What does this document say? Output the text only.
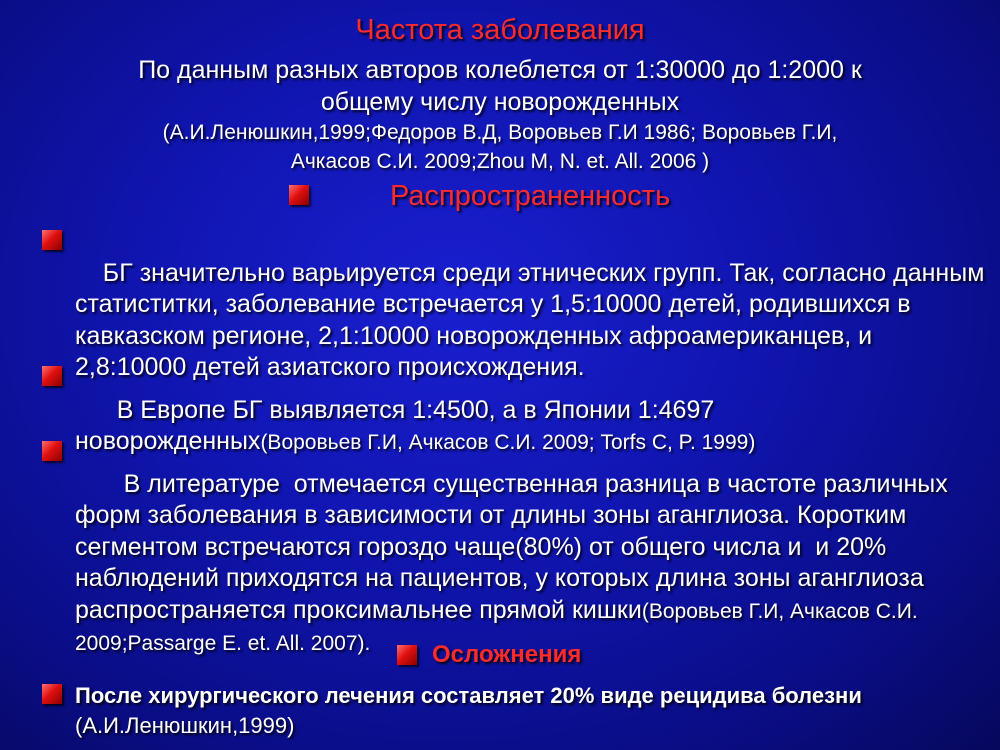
Частота заболевания
По данным разных авторов колеблется от 1:30000 до 1:2000 к
общему числу новорожденных
(А.И.Ленюшкин,1999;Федоров В.Д, Воровьев Г.И 1986; Воровьев Г.И,
Ачкасов С.И. 2009;Zhou M, N. et. All. 2006 )
Распространенность

БГ значительно варьируется среди этнических групп. Так, согласно данным статиститки, заболевание встречается у 1,5:10000 детей, родившихся в кавказском регионе, 2,1:10000 новорожденных афроамериканцев, и 2,8:10000 детей азиатского происхождения.

В Европе БГ выявляется 1:4500, а в Японии 1:4697 новорожденных(Воровьев Г.И, Ачкасов С.И. 2009; Torfs C, P. 1999)

В литературе  отмечается существенная разница в частоте различных форм заболевания в зависимости от длины зоны аганглиоза. Коротким сегментом встречаются гороздо чаще(80%) от общего числа и  и 20% наблюдений приходятся на пациентов, у которых длина зоны аганглиоза распространяется проксимальнее прямой кишки(Воровьев Г.И, Ачкасов С.И. 2009;Passarge E. et. All. 2007).	Осложнения
После хирургического лечения составляет 20% виде рецидива болезни (А.И.Ленюшкин,1999)
